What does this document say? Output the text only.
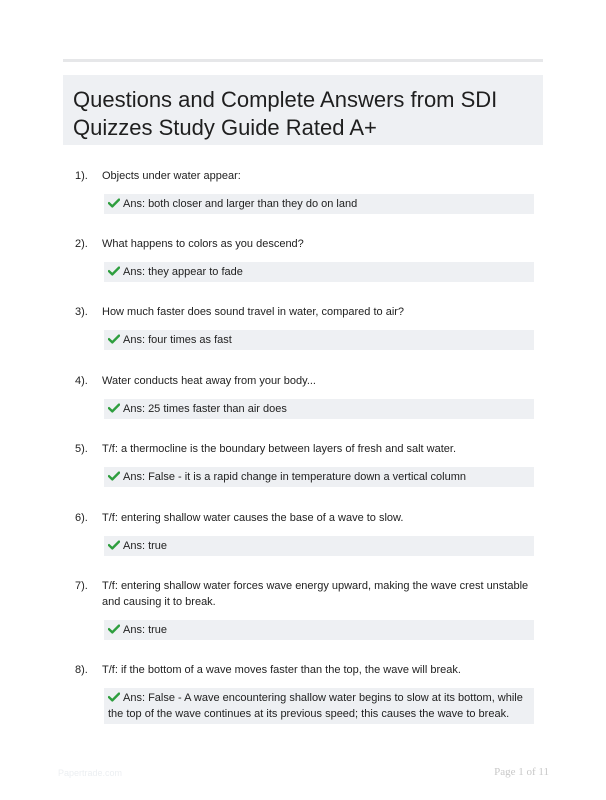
Questions and Complete Answers from SDI Quizzes Study Guide Rated A+
1). Objects under water appear:
Ans: both closer and larger than they do on land
2). What happens to colors as you descend?
Ans: they appear to fade
3). How much faster does sound travel in water, compared to air?
Ans: four times as fast
4). Water conducts heat away from your body...
Ans: 25 times faster than air does
5). T/f: a thermocline is the boundary between layers of fresh and salt water.
Ans: False - it is a rapid change in temperature down a vertical column
6). T/f: entering shallow water causes the base of a wave to slow.
Ans: true
7). T/f: entering shallow water forces wave energy upward, making the wave crest unstable and causing it to break.
Ans: true
8). T/f: if the bottom of a wave moves faster than the top, the wave will break.
Ans: False - A wave encountering shallow water begins to slow at its bottom, while the top of the wave continues at its previous speed; this causes the wave to break.
Papertrade.com	Page 1 of 11
